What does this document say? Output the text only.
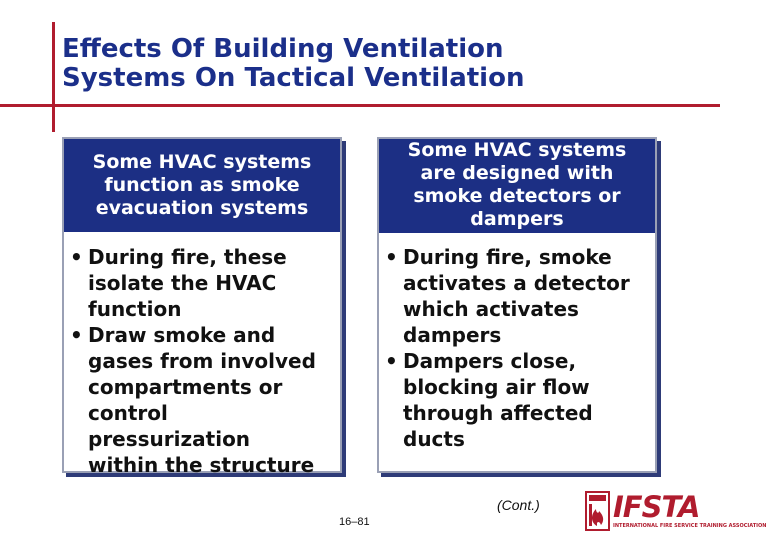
Effects Of Building Ventilation
Systems On Tactical Ventilation
Some HVAC systems
function as smoke
evacuation systems
• During fire, these
isolate the HVAC
function
• Draw smoke and
gases from involved
compartments or
control
pressurization
within the structure
Some HVAC systems
are designed with
smoke detectors or
dampers
• During fire, smoke
activates a detector
which activates
dampers
• Dampers close,
blocking air flow
through affected
ducts
(Cont.)
16–81	IFSTA
INTERNATIONAL FIRE SERVICE TRAINING ASSOCIATION
